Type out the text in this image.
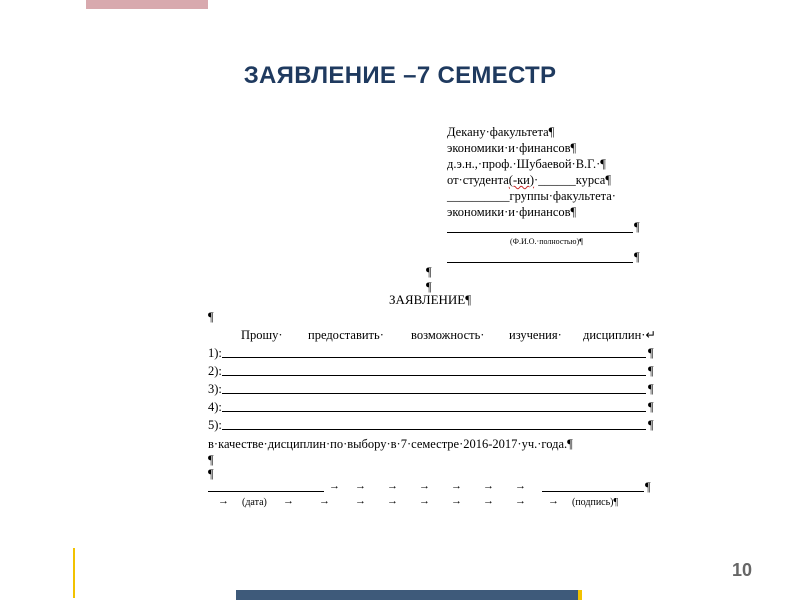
ЗАЯВЛЕНИЕ –7 СЕМЕСТР
Декану·факультета¶
экономики·и·финансов¶
д.э.н.,·проф.·Шубаевой·В.Г.·¶
от·студента(-ки)·______курса¶
__________группы·факультета·
экономики·и·финансов¶
¶
(Ф.И.О.·полностью)¶
¶
¶
¶
ЗАЯВЛЕНИЕ¶
¶
Прошу· предоставить· возможность· изучения· дисциплин·↵
1):	¶
2):	¶
3):	¶
4):	¶
5):	¶
в·качестве·дисциплин·по·выбору·в·7·семестре·2016-2017·уч.·года.¶
¶
¶
→ → → → → → →	¶
→ (дата) → → → → → → → → → (подпись)¶
10
